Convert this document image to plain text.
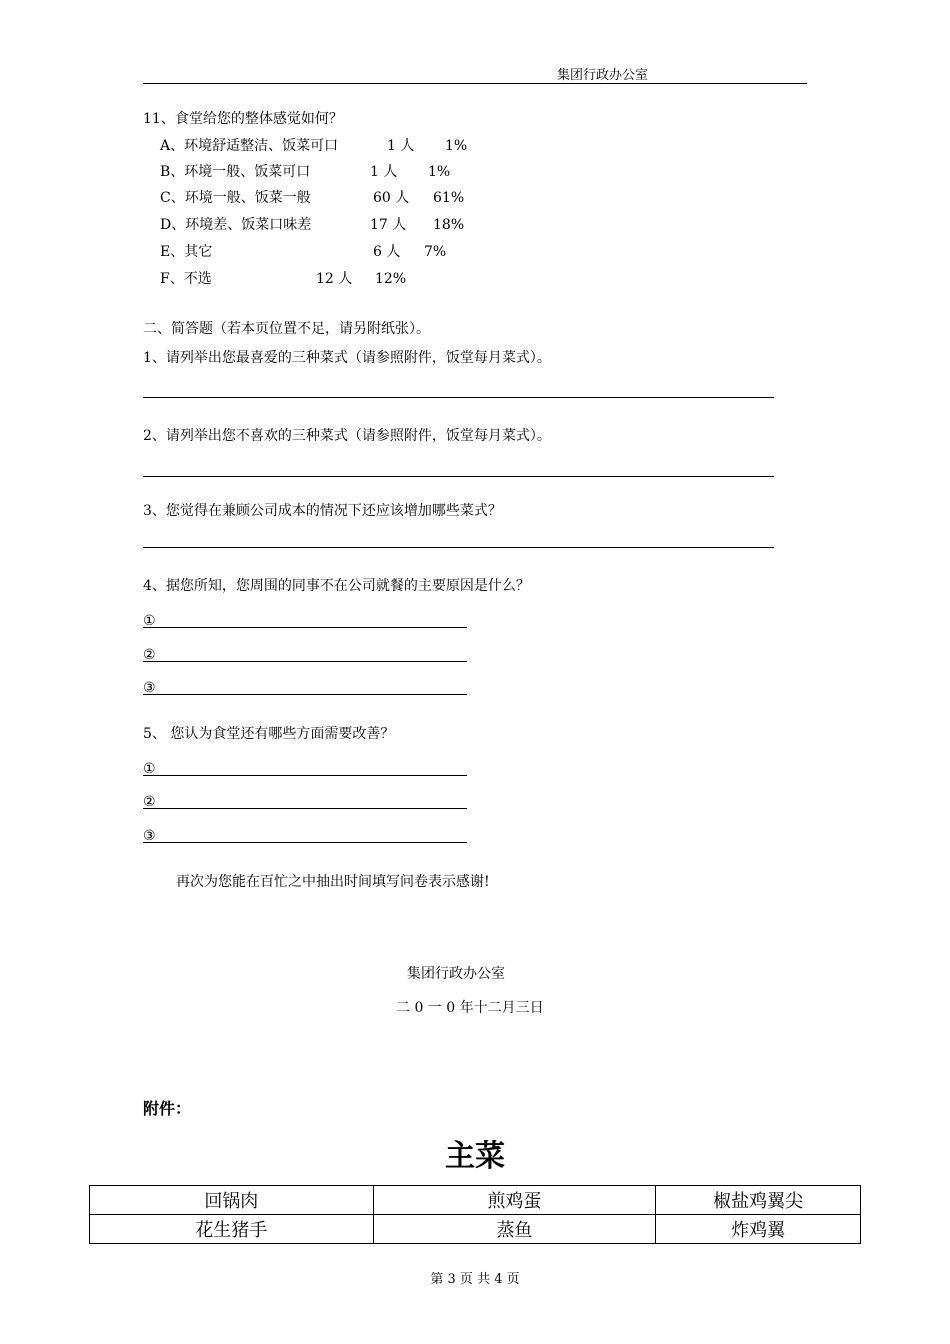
集团行政办公室
11、食堂给您的整体感觉如何？
A、环境舒适整洁、饭菜可口	1 人 1%
B、环境一般、饭菜可口	1 人 1%
C、环境一般、饭菜一般	60 人 61%
D、环境差、饭菜口味差	17 人 18%
E、其它	6 人 7%
F、不选	12 人 12%
二、简答题（若本页位置不足，请另附纸张）。
1、请列举出您最喜爱的三种菜式（请参照附件，饭堂每月菜式）。
2、请列举出您不喜欢的三种菜式（请参照附件，饭堂每月菜式）。
3、您觉得在兼顾公司成本的情况下还应该增加哪些菜式？
4、据您所知，您周围的同事不在公司就餐的主要原因是什么？
①
②
③
5、 您认为食堂还有哪些方面需要改善？
①
②
③
再次为您能在百忙之中抽出时间填写问卷表示感谢!
集团行政办公室
二 0 一 0 年十二月三日
附件：
主菜
回锅肉	煎鸡蛋	椒盐鸡翼尖
花生猪手	蒸鱼	炸鸡翼
第 3 页 共 4 页
